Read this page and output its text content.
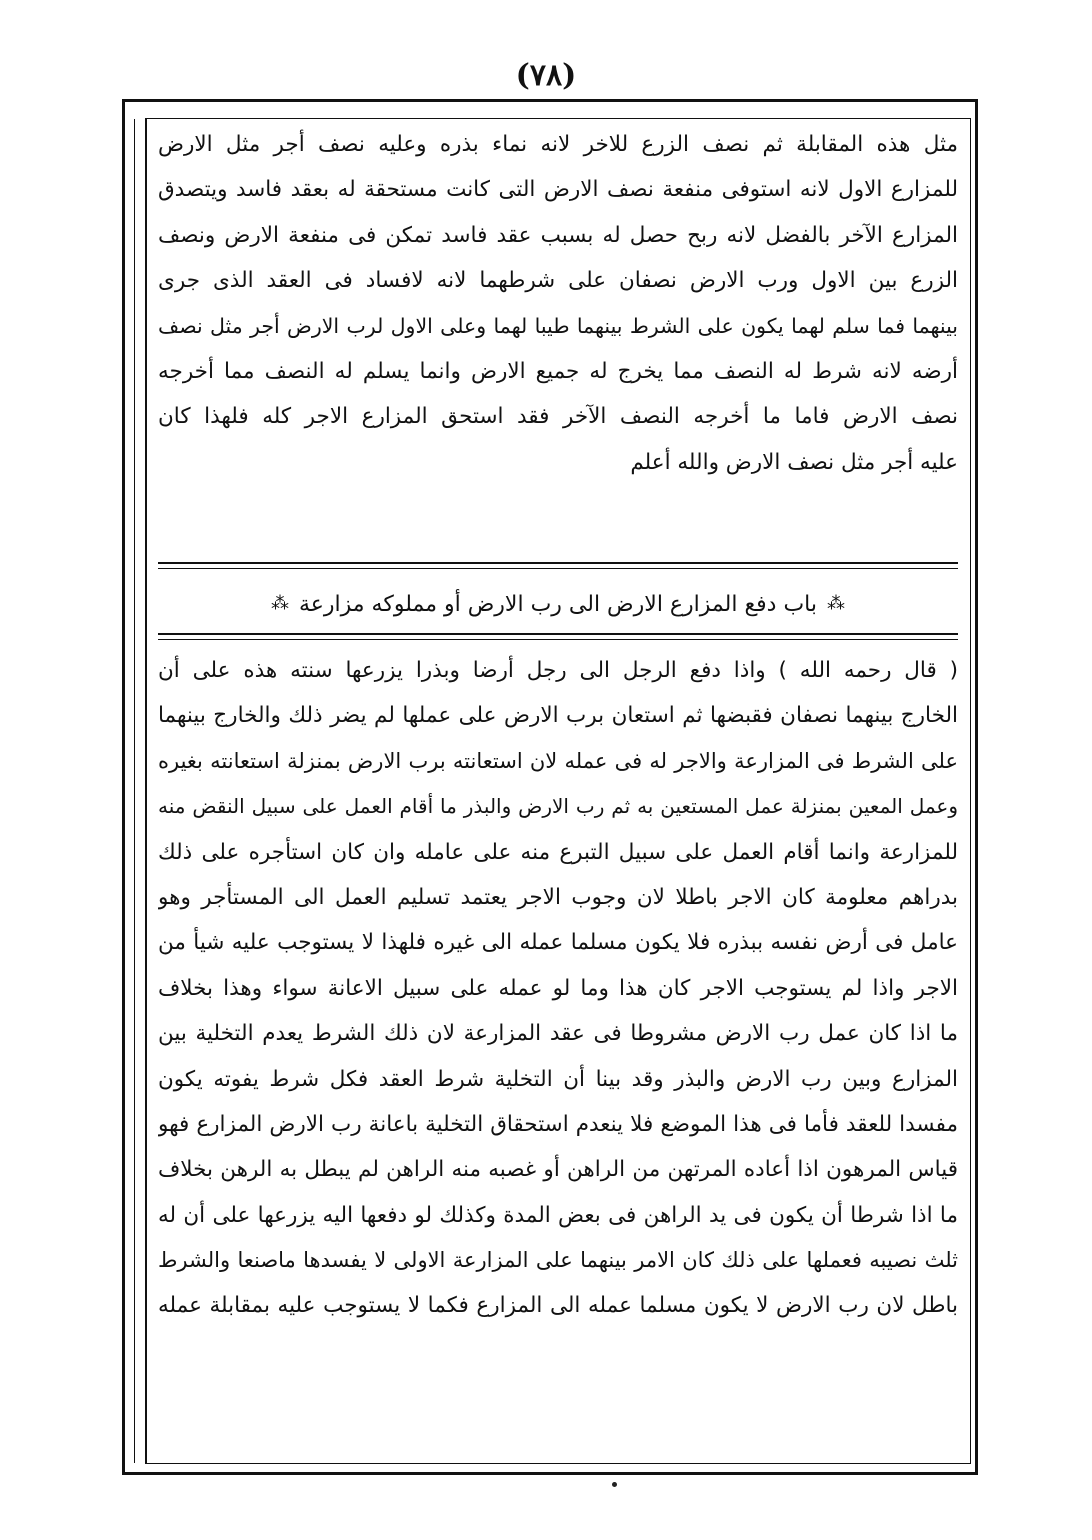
(٧٨)
مثل هذه المقابلة ثم نصف الزرع للاخر لانه نماء بذره وعليه نصف أجر مثل الارض
للمزارع الاول لانه استوفى منفعة نصف الارض التى كانت مستحقة له بعقد فاسد ويتصدق
المزارع الآخر بالفضل لانه ربح حصل له بسبب عقد فاسد تمكن فى منفعة الارض ونصف
الزرع بين الاول ورب الارض نصفان على شرطهما لانه لافساد فى العقد الذى جرى
بينهما فما سلم لهما يكون على الشرط بينهما طيبا لهما وعلى الاول لرب الارض أجر مثل نصف
أرضه لانه شرط له النصف مما يخرج له جميع الارض وانما يسلم له النصف مما أخرجه
نصف الارض فاما ما أخرجه النصف الآخر فقد استحق المزارع الاجر كله فلهذا كان
عليه أجر مثل نصف الارض والله أعلم
⁂
باب دفع المزارع الارض الى رب الارض أو مملوكه مزارعة
⁂
( قال رحمه الله ) واذا دفع الرجل الى رجل أرضا وبذرا يزرعها سنته هذه على أن
الخارج بينهما نصفان فقبضها ثم استعان برب الارض على عملها لم يضر ذلك والخارج بينهما
على الشرط فى المزارعة والاجر له فى عمله لان استعانته برب الارض بمنزلة استعانته بغيره
وعمل المعين بمنزلة عمل المستعين به ثم رب الارض والبذر ما أقام العمل على سبيل النقض منه
للمزارعة وانما أقام العمل على سبيل التبرع منه على عامله وان كان استأجره على ذلك
بدراهم معلومة كان الاجر باطلا لان وجوب الاجر يعتمد تسليم العمل الى المستأجر وهو
عامل فى أرض نفسه ببذره فلا يكون مسلما عمله الى غيره فلهذا لا يستوجب عليه شيأ من
الاجر واذا لم يستوجب الاجر كان هذا وما لو عمله على سبيل الاعانة سواء وهذا بخلاف
ما اذا كان عمل رب الارض مشروطا فى عقد المزارعة لان ذلك الشرط يعدم التخلية بين
المزارع وبين رب الارض والبذر وقد بينا أن التخلية شرط العقد فكل شرط يفوته يكون
مفسدا للعقد فأما فى هذا الموضع فلا ينعدم استحقاق التخلية باعانة رب الارض المزارع فهو
قياس المرهون اذا أعاده المرتهن من الراهن أو غصبه منه الراهن لم يبطل به الرهن بخلاف
ما اذا شرطا أن يكون فى يد الراهن فى بعض المدة وكذلك لو دفعها اليه يزرعها على أن له
ثلث نصيبه فعملها على ذلك كان الامر بينهما على المزارعة الاولى لا يفسدها ماصنعا والشرط
باطل لان رب الارض لا يكون مسلما عمله الى المزارع فكما لا يستوجب عليه بمقابلة عمله
